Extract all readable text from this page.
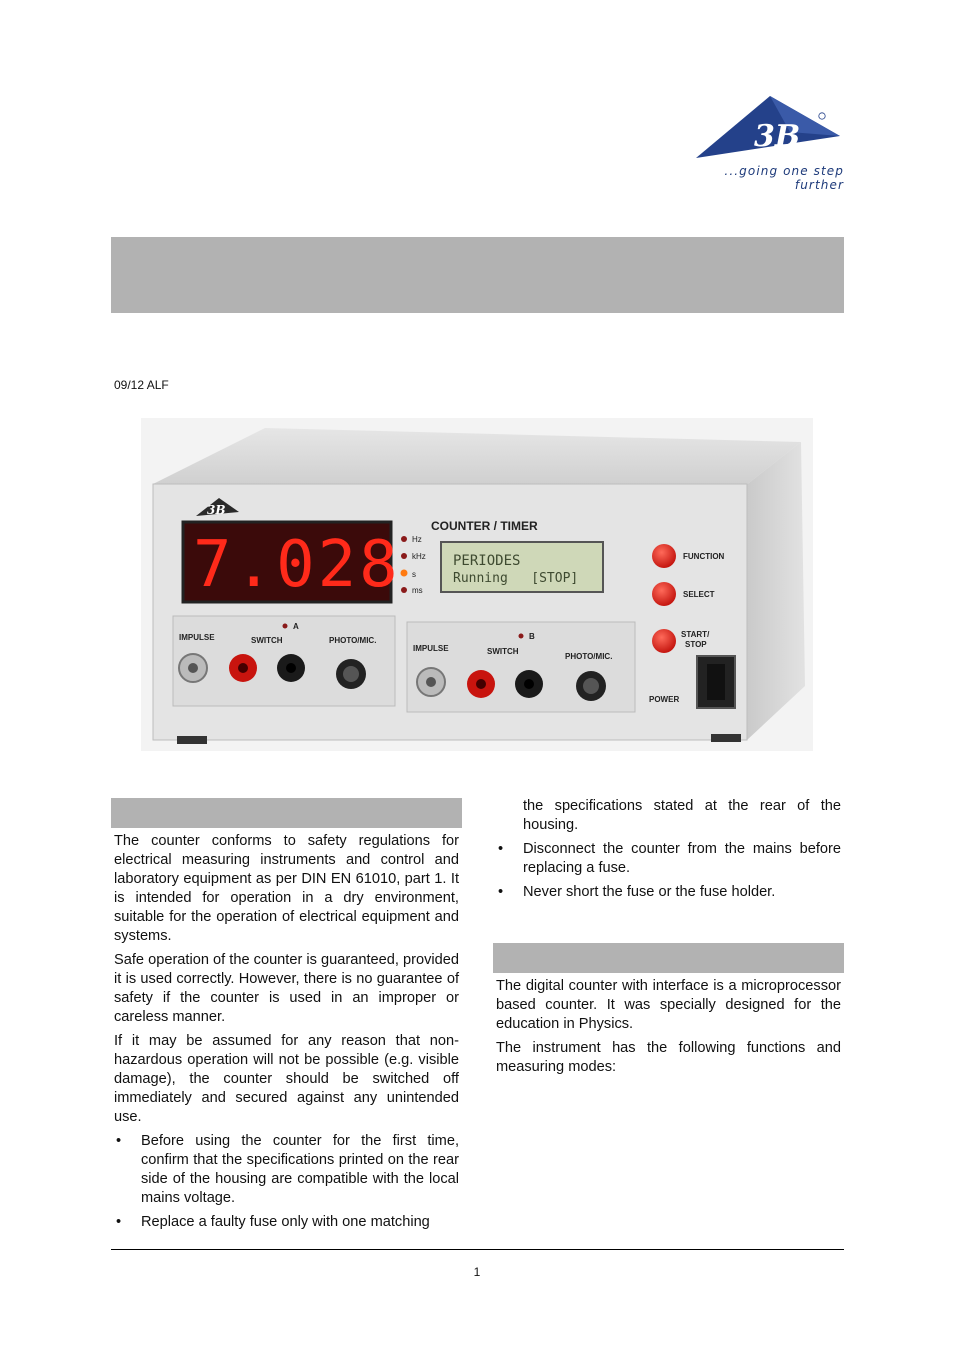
3B
...going one step further
09/12 ALF
3B
COUNTER / TIMER
7.028 Hz
kHz
s
ms
PERIODES
Running   [STOP]
FUNCTION
SELECT
START/
STOP
POWER
IMPULSE	SWITCH	PHOTO/MIC.
A
IMPULSE	SWITCH
PHOTO/MIC.
B

The counter conforms to safety regulations for electrical measuring instruments and control and laboratory equipment as per DIN EN 61010, part 1. It is intended for operation in a dry environment, suitable for the operation of electrical equipment and systems.

Safe operation of the counter is guaranteed, provided it is used correctly. However, there is no guarantee of safety if the counter is used in an improper or careless manner.

If it may be assumed for any reason that non-hazardous operation will not be possible (e.g. visible damage), the counter should be switched off immediately and secured against any unintended use.

• Before using the counter for the first time, confirm that the specifications printed on the rear side of the housing are compatible with the local mains voltage.
• Replace a faulty fuse only with one matching

the specifications stated at the rear of the housing.

• Disconnect the counter from the mains before replacing a fuse.
• Never short the fuse or the fuse holder.

The digital counter with interface is a microprocessor based counter. It was specially designed for the education in Physics.

The instrument has the following functions and measuring modes:

1
